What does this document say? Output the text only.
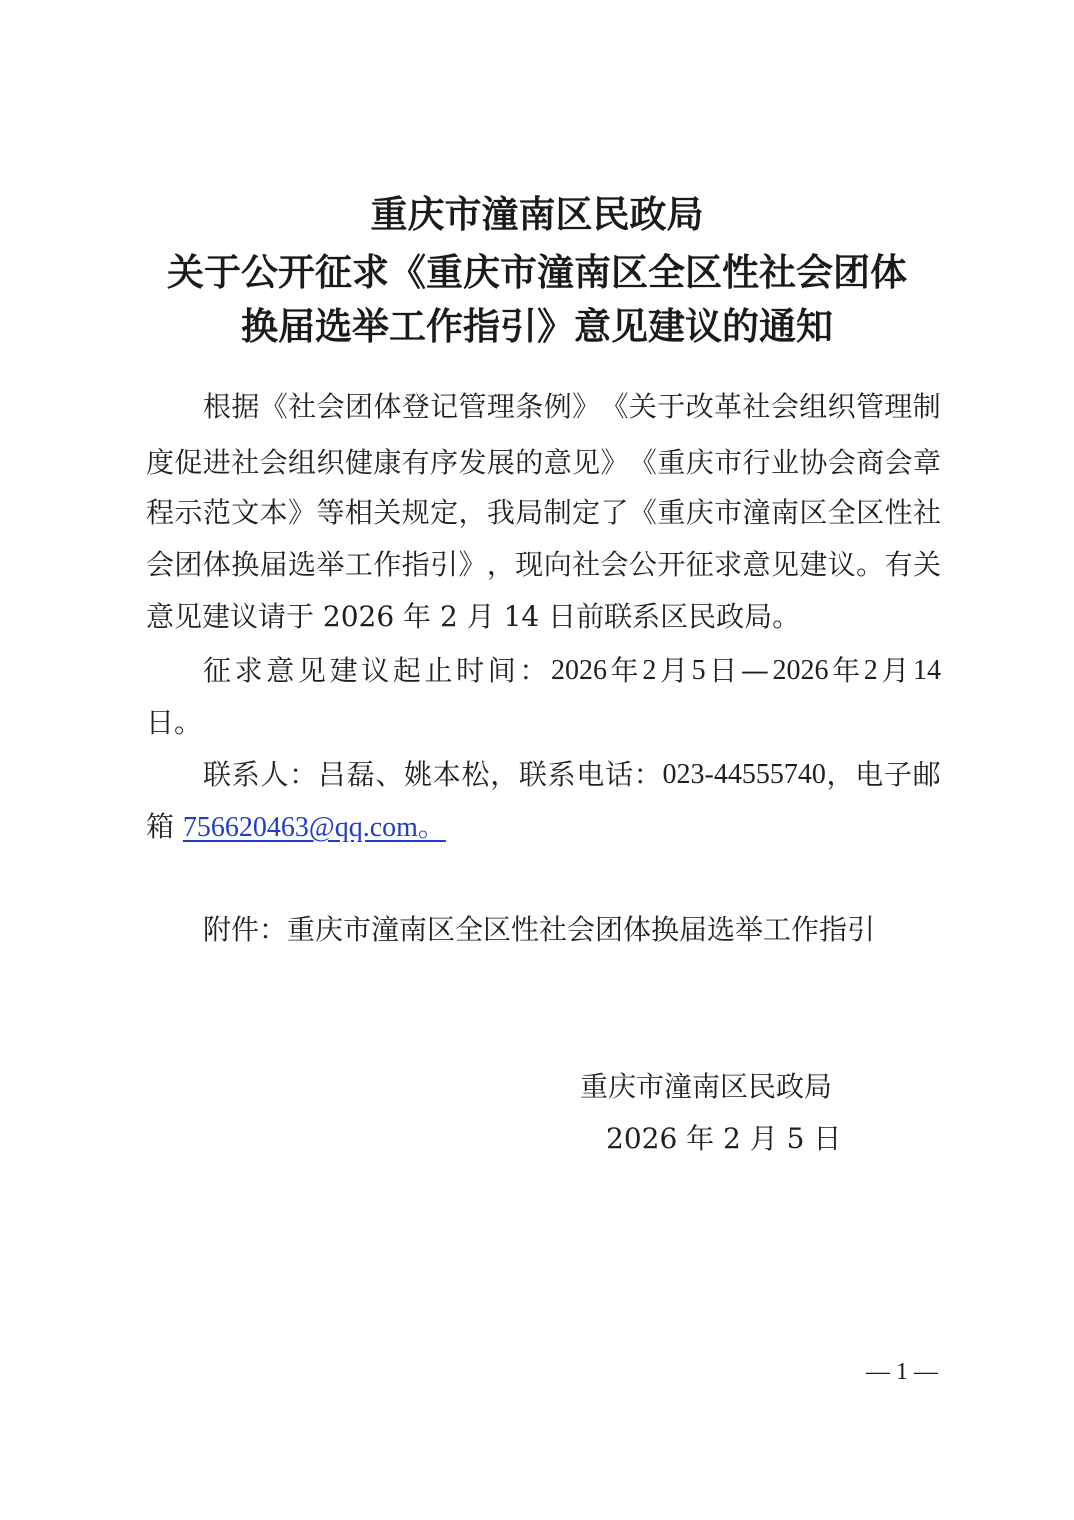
重庆市潼南区民政局
关于公开征求《重庆市潼南区全区性社会团体
换届选举工作指引》意见建议的通知
根 据 《 社 会 团 体 登 记 管 理 条 例 》 《 关 于 改 革 社 会 组 织 管 理 制
度 促 进 社 会 组 织 健 康 有 序 发 展 的 意 见 》 《 重 庆 市 行 业 协 会 商 会 章
程 示 范 文 本 》 等 相 关 规 定 ， 我 局 制 定 了 《 重 庆 市 潼 南 区 全 区 性 社
会 团 体 换 届 选 举 工 作 指 引 》 ， 现 向 社 会 公 开 征 求 意 见 建 议 。 有 关
意见建议请于 2026 年 2 月 14 日前联系区民政局。
征 求 意 见 建 议 起 止 时 间 ： 2026 年 2 月 5 日 — 2026 年 2 月 14
日。
联 系 人 ： 吕 磊 、 姚 本 松 ， 联 系 电 话 ： 023-44555740 ， 电 子 邮
箱 756620463@qq.com。
附件：重庆市潼南区全区性社会团体换届选举工作指引
重庆市潼南区民政局
2026 年 2 月 5 日
— 1 —
